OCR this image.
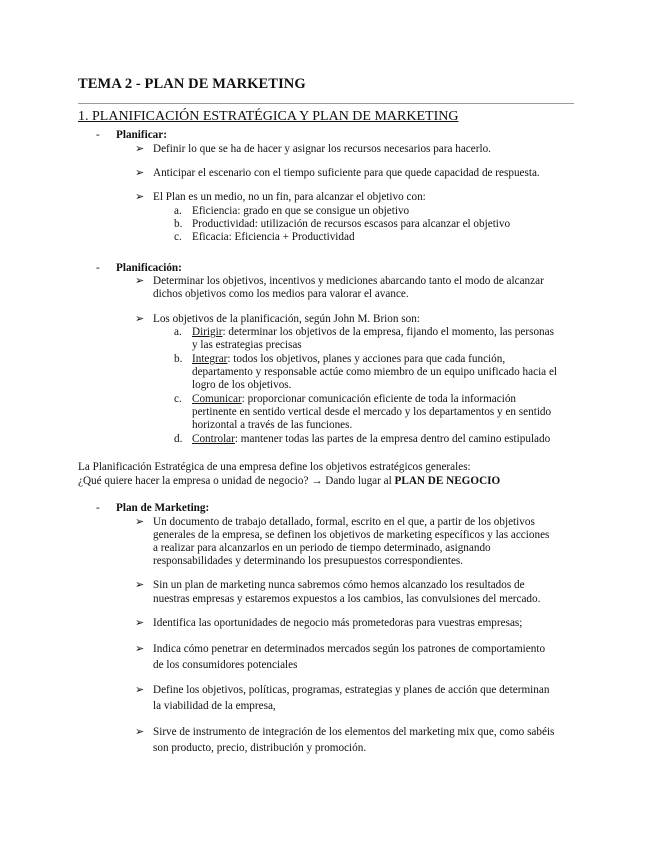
TEMA 2 - PLAN DE MARKETING
1. PLANIFICACIÓN ESTRATÉGICA Y PLAN DE MARKETING
- Planificar:
➢ Definir lo que se ha de hacer y asignar los recursos necesarios para hacerlo.
➢ Anticipar el escenario con el tiempo suficiente para que quede capacidad de respuesta.
➢ El Plan es un medio, no un fin, para alcanzar el objetivo con:
a. Eficiencia: grado en que se consigue un objetivo
b. Productividad: utilización de recursos escasos para alcanzar el objetivo
c. Eficacia: Eficiencia + Productividad
- Planificación:
➢ Determinar los objetivos, incentivos y mediciones abarcando tanto el modo de alcanzar
dichos objetivos como los medios para valorar el avance.
➢ Los objetivos de la planificación, según John M. Brion son:
a. Dirigir: determinar los objetivos de la empresa, fijando el momento, las personas
y las estrategias precisas
b. Integrar: todos los objetivos, planes y acciones para que cada función,
departamento y responsable actúe como miembro de un equipo unificado hacia el
logro de los objetivos.
c. Comunicar: proporcionar comunicación eficiente de toda la información
pertinente en sentido vertical desde el mercado y los departamentos y en sentido
horizontal a través de las funciones.
d. Controlar: mantener todas las partes de la empresa dentro del camino estipulado
La Planificación Estratégica de una empresa define los objetivos estratégicos generales:
¿Qué quiere hacer la empresa o unidad de negocio? → Dando lugar al PLAN DE NEGOCIO
- Plan de Marketing:
➢ Un documento de trabajo detallado, formal, escrito en el que, a partir de los objetivos
generales de la empresa, se definen los objetivos de marketing específicos y las acciones
a realizar para alcanzarlos en un periodo de tiempo determinado, asignando
responsabilidades y determinando los presupuestos correspondientes.
➢ Sin un plan de marketing nunca sabremos cómo hemos alcanzado los resultados de
nuestras empresas y estaremos expuestos a los cambios, las convulsiones del mercado.
➢ Identifica las oportunidades de negocio más prometedoras para vuestras empresas;
➢ Indica cómo penetrar en determinados mercados según los patrones de comportamiento
de los consumidores potenciales
➢ Define los objetivos, políticas, programas, estrategias y planes de acción que determinan
la viabilidad de la empresa,
➢ Sirve de instrumento de integración de los elementos del marketing mix que, como sabéis
son producto, precio, distribución y promoción.
